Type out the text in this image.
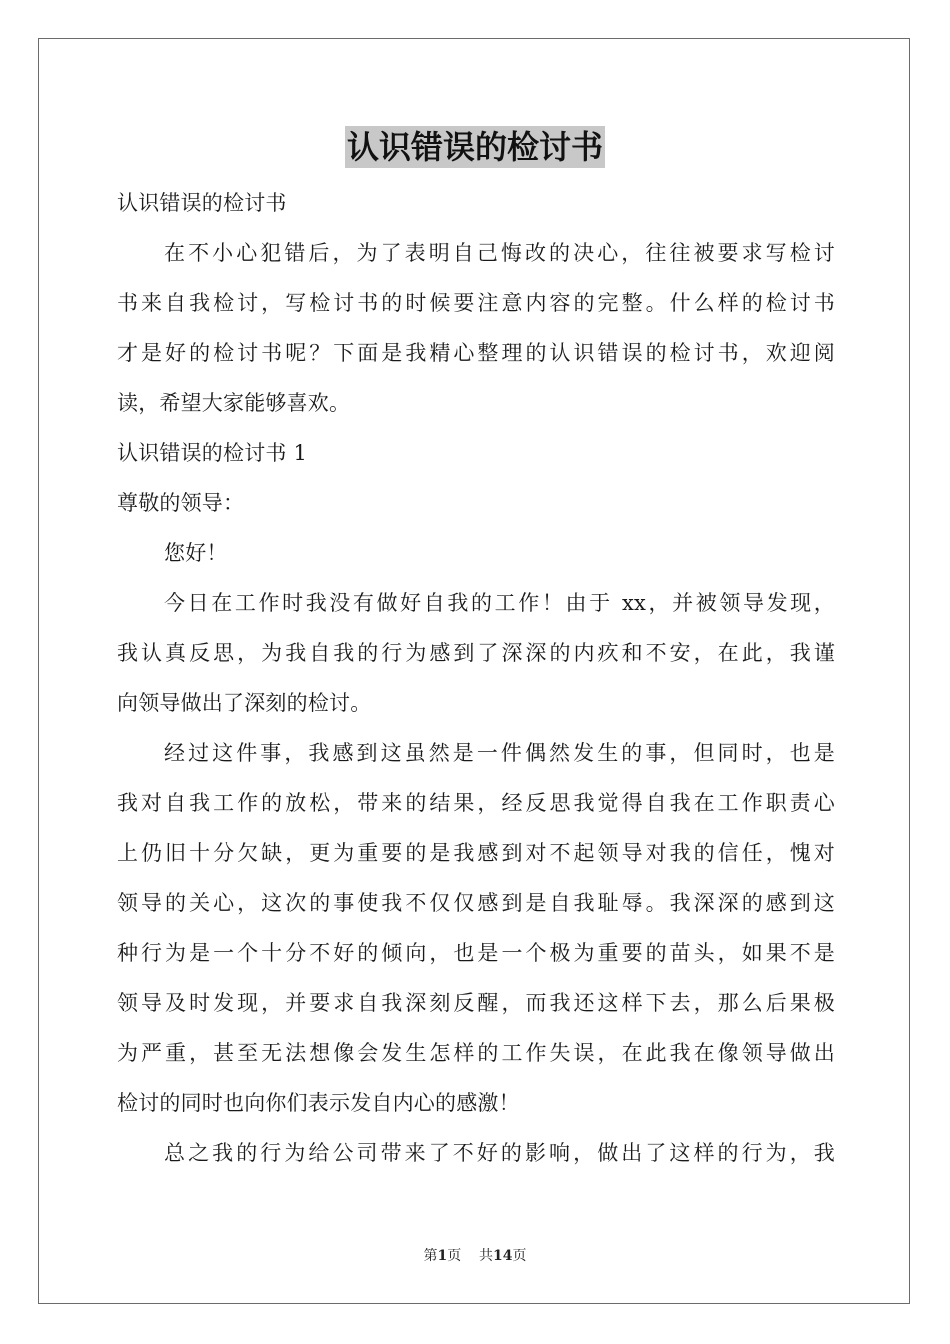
认识错误的检讨书
认识错误的检讨书
在不小心犯错后，为了表明自己悔改的决心，往往被要求写检讨
书来自我检讨，写检讨书的时候要注意内容的完整。什么样的检讨书
才是好的检讨书呢？下面是我精心整理的认识错误的检讨书，欢迎阅
读，希望大家能够喜欢。
认识错误的检讨书 1
尊敬的领导：
您好！
今日在工作时我没有做好自我的工作！由于 xx，并被领导发现，
我认真反思，为我自我的行为感到了深深的内疚和不安，在此，我谨
向领导做出了深刻的检讨。
经过这件事，我感到这虽然是一件偶然发生的事，但同时，也是
我对自我工作的放松，带来的结果，经反思我觉得自我在工作职责心
上仍旧十分欠缺，更为重要的是我感到对不起领导对我的信任，愧对
领导的关心，这次的事使我不仅仅感到是自我耻辱。我深深的感到这
种行为是一个十分不好的倾向，也是一个极为重要的苗头，如果不是
领导及时发现，并要求自我深刻反醒，而我还这样下去，那么后果极
为严重，甚至无法想像会发生怎样的工作失误，在此我在像领导做出
检讨的同时也向你们表示发自内心的感激！
总之我的行为给公司带来了不好的影响，做出了这样的行为，我
第1页 共14页
